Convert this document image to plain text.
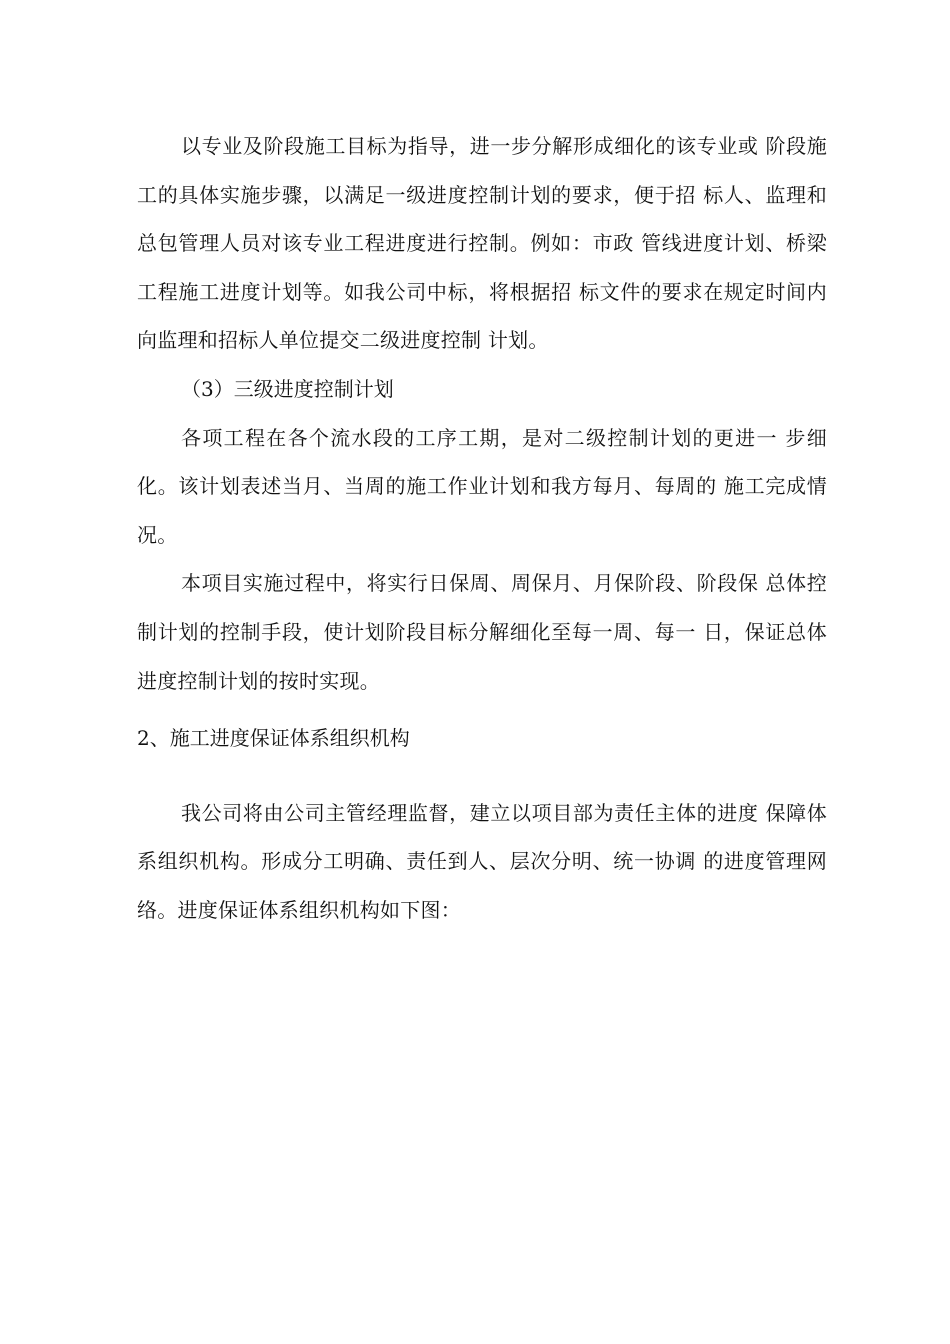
以专业及阶段施工目标为指导，进一步分解形成细化的该专业或 阶段施工的具体实施步骤，以满足一级进度控制计划的要求，便于招 标人、监理和总包管理人员对该专业工程进度进行控制。例如：市政 管线进度计划、桥梁工程施工进度计划等。如我公司中标，将根据招 标文件的要求在规定时间内向监理和招标人单位提交二级进度控制 计划。

（3）三级进度控制计划

各项工程在各个流水段的工序工期，是对二级控制计划的更进一 步细化。该计划表述当月、当周的施工作业计划和我方每月、每周的 施工完成情况。

本项目实施过程中，将实行日保周、周保月、月保阶段、阶段保 总体控制计划的控制手段，使计划阶段目标分解细化至每一周、每一 日，保证总体进度控制计划的按时实现。

2、施工进度保证体系组织机构

我公司将由公司主管经理监督，建立以项目部为责任主体的进度 保障体系组织机构。形成分工明确、责任到人、层次分明、统一协调 的进度管理网络。进度保证体系组织机构如下图：
